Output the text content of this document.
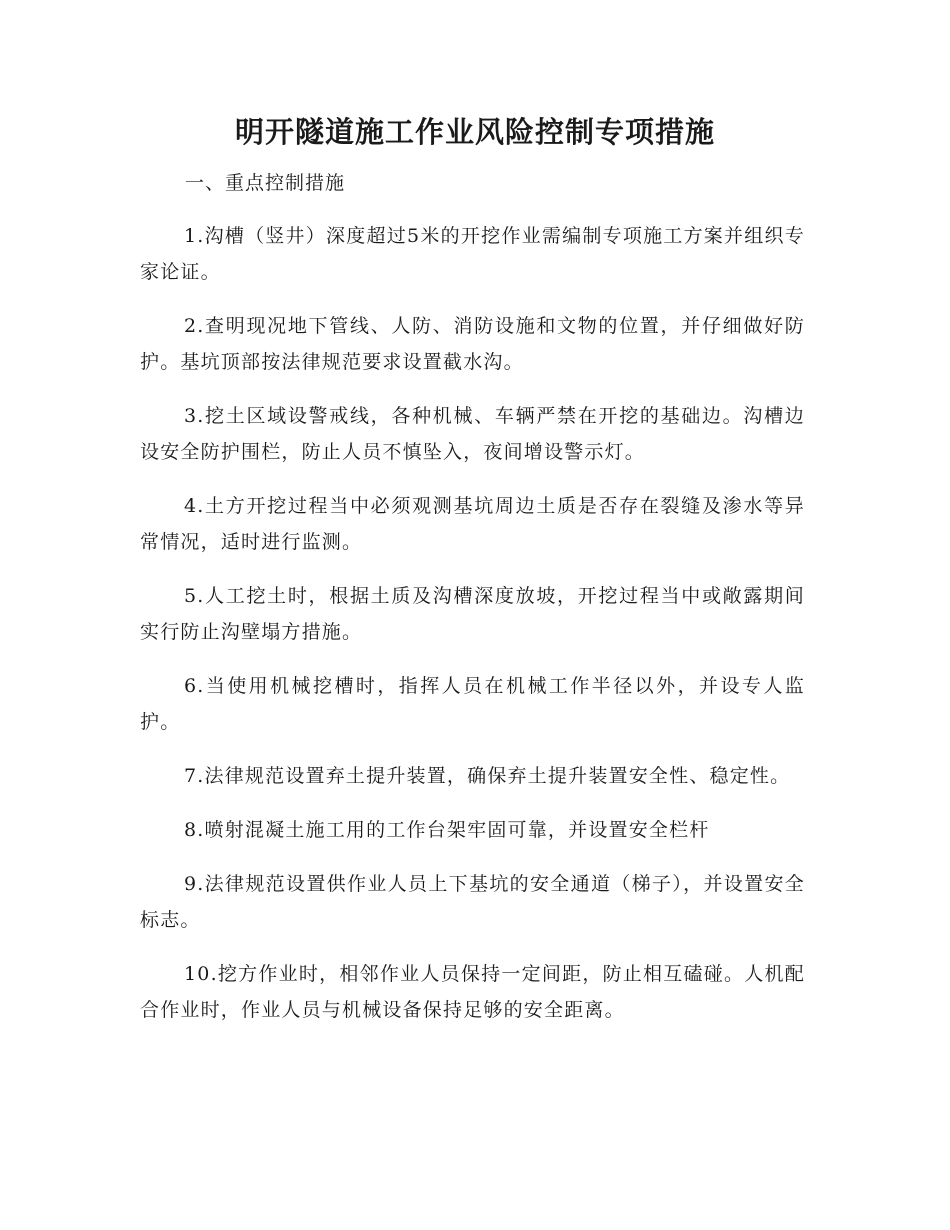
明开隧道施工作业风险控制专项措施
一、重点控制措施

1.沟槽（竖井）深度超过5米的开挖作业需编制专项施工方案并组织专家论证。

2.查明现况地下管线、人防、消防设施和文物的位置，并仔细做好防护。基坑顶部按法律规范要求设置截水沟。

3.挖土区域设警戒线，各种机械、车辆严禁在开挖的基础边。沟槽边设安全防护围栏，防止人员不慎坠入，夜间增设警示灯。

4.土方开挖过程当中必须观测基坑周边土质是否存在裂缝及渗水等异常情况，适时进行监测。

5.人工挖土时，根据土质及沟槽深度放坡，开挖过程当中或敞露期间实行防止沟壁塌方措施。

6.当使用机械挖槽时，指挥人员在机械工作半径以外，并设专人监护。

7.法律规范设置弃土提升装置，确保弃土提升装置安全性、稳定性。

8.喷射混凝土施工用的工作台架牢固可靠，并设置安全栏杆

9.法律规范设置供作业人员上下基坑的安全通道（梯子），并设置安全标志。

10.挖方作业时，相邻作业人员保持一定间距，防止相互磕碰。人机配合作业时，作业人员与机械设备保持足够的安全距离。
